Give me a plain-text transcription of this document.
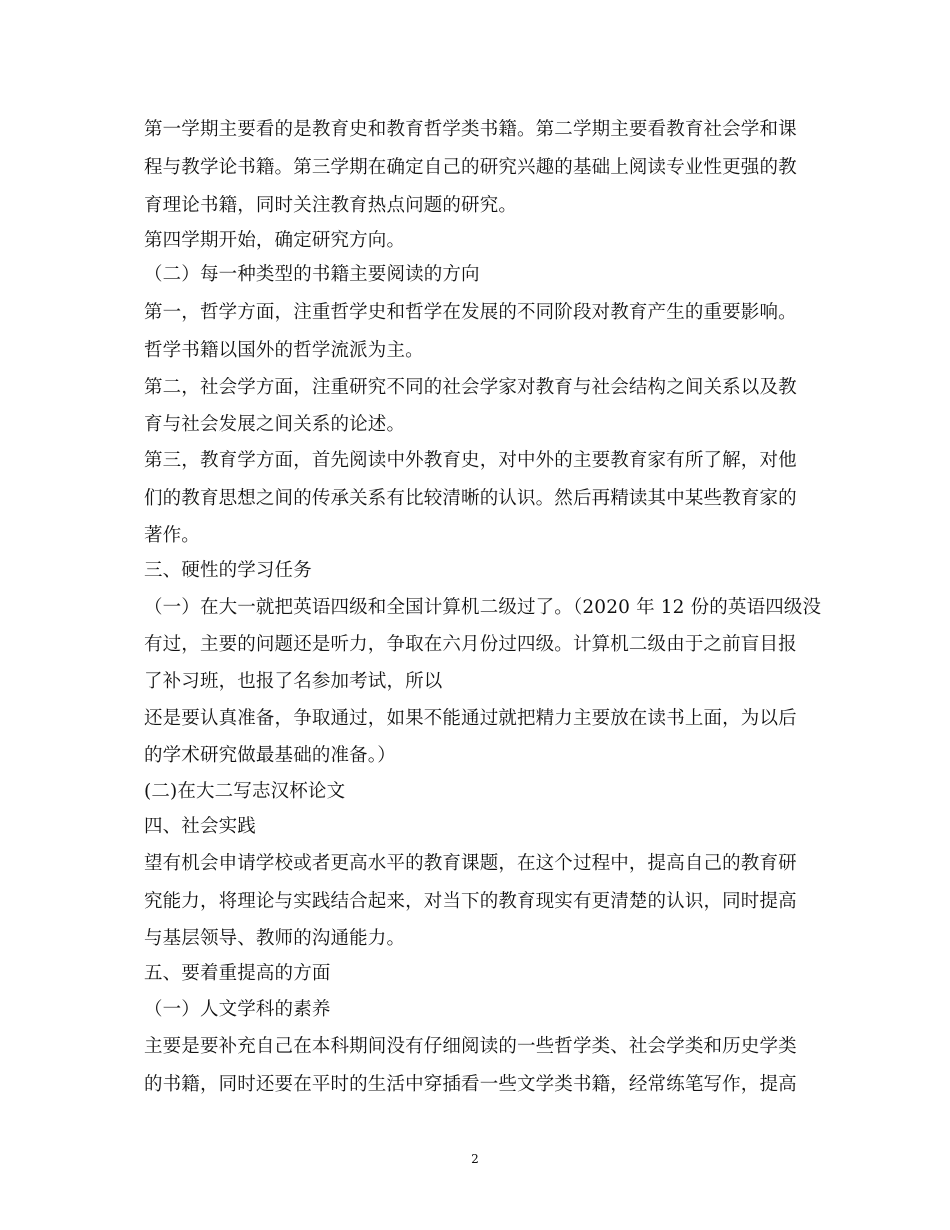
第一学期主要看的是教育史和教育哲学类书籍。第二学期主要看教育社会学和课
程与教学论书籍。第三学期在确定自己的研究兴趣的基础上阅读专业性更强的教
育理论书籍，同时关注教育热点问题的研究。
第四学期开始，确定研究方向。
（二）每一种类型的书籍主要阅读的方向
第一，哲学方面，注重哲学史和哲学在发展的不同阶段对教育产生的重要影响。
哲学书籍以国外的哲学流派为主。
第二，社会学方面，注重研究不同的社会学家对教育与社会结构之间关系以及教
育与社会发展之间关系的论述。
第三，教育学方面，首先阅读中外教育史，对中外的主要教育家有所了解，对他
们的教育思想之间的传承关系有比较清晰的认识。然后再精读其中某些教育家的
著作。
三、硬性的学习任务
（一）在大一就把英语四级和全国计算机二级过了。（2020 年 12 份的英语四级没
有过，主要的问题还是听力，争取在六月份过四级。计算机二级由于之前盲目报
了补习班，也报了名参加考试，所以
还是要认真准备，争取通过，如果不能通过就把精力主要放在读书上面，为以后
的学术研究做最基础的准备。）
(二)在大二写志汉杯论文
四、社会实践
望有机会申请学校或者更高水平的教育课题，在这个过程中，提高自己的教育研
究能力，将理论与实践结合起来，对当下的教育现实有更清楚的认识，同时提高
与基层领导、教师的沟通能力。
五、要着重提高的方面
（一）人文学科的素养
主要是要补充自己在本科期间没有仔细阅读的一些哲学类、社会学类和历史学类
的书籍，同时还要在平时的生活中穿插看一些文学类书籍，经常练笔写作，提高
2
